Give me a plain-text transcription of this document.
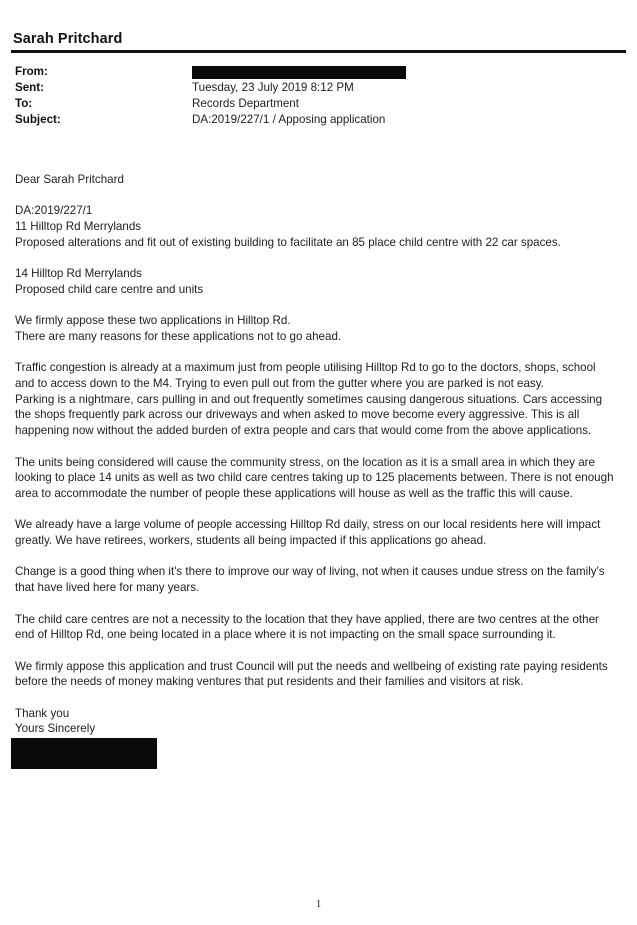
Sarah Pritchard
From:
Sent:	Tuesday, 23 July 2019 8:12 PM
To:	Records Department
Subject:	DA:2019/227/1 / Apposing application

Dear Sarah Pritchard

DA:2019/227/1
11 Hilltop Rd Merrylands
Proposed alterations and fit out of existing building to facilitate an 85 place child centre with 22 car spaces.

14 Hilltop Rd Merrylands
Proposed child care centre and units

We firmly appose these two applications in Hilltop Rd.
There are many reasons for these applications not to go ahead.

Traffic congestion is already at a maximum just from people utilising Hilltop Rd to go to the doctors, shops, school
and to access down to the M4. Trying to even pull out from the gutter where you are parked is not easy.
Parking is a nightmare, cars pulling in and out frequently sometimes causing dangerous situations. Cars accessing
the shops frequently park across our driveways and when asked to move become every aggressive. This is all
happening now without the added burden of extra people and cars that would come from the above applications.

The units being considered will cause the community stress, on the location as it is a small area in which they are
looking to place 14 units as well as two child care centres taking up to 125 placements between. There is not enough
area to accommodate the number of people these applications will house as well as the traffic this will cause.

We already have a large volume of people accessing Hilltop Rd daily, stress on our local residents here will impact
greatly. We have retirees, workers, students all being impacted if this applications go ahead.

Change is a good thing when it's there to improve our way of living, not when it causes undue stress on the family's
that have lived here for many years.

The child care centres are not a necessity to the location that they have applied, there are two centres at the other
end of Hilltop Rd, one being located in a place where it is not impacting on the small space surrounding it.

We firmly appose this application and trust Council will put the needs and wellbeing of existing rate paying residents
before the needs of money making ventures that put residents and their families and visitors at risk.

Thank you

Yours Sincerely

1
